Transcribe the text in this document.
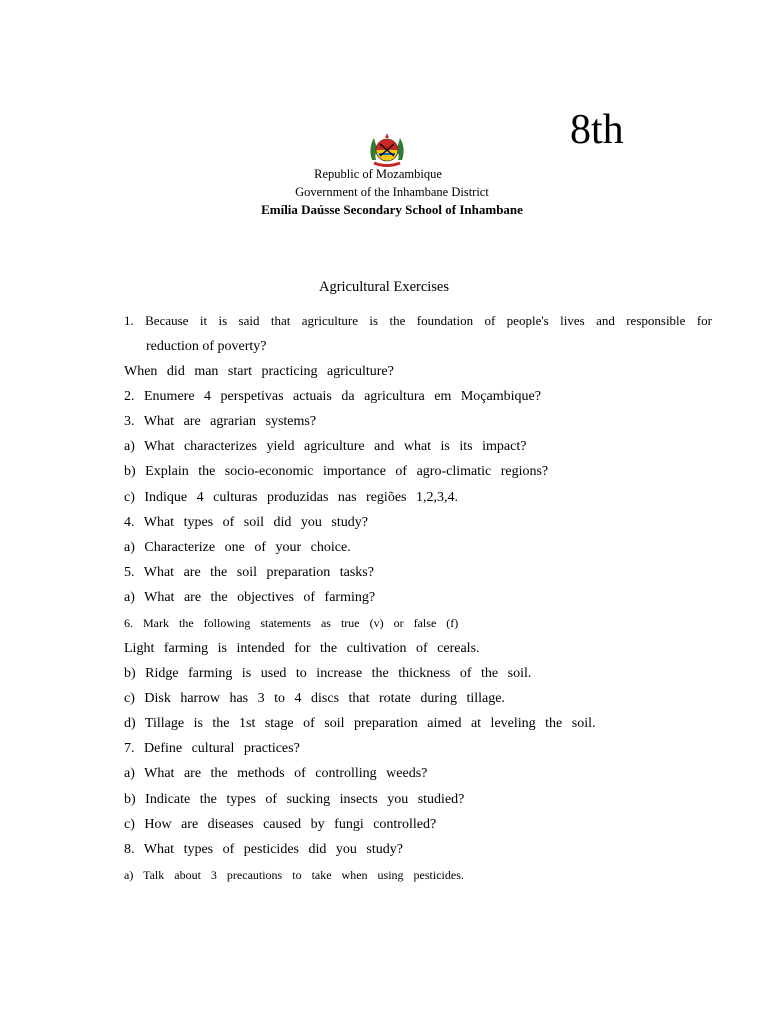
8th
Republic of Mozambique
Government of the Inhambane District
Emília Daússe Secondary School of Inhambane
Agricultural Exercises
1. Because it is said that agriculture is the foundation of people's lives and responsible for
reduction of poverty?
When did man start practicing agriculture?
2. Enumere 4 perspetivas actuais da agricultura em Moçambique?
3. What are agrarian systems?
a) What characterizes yield agriculture and what is its impact?
b) Explain the socio-economic importance of agro-climatic regions?
c) Indique 4 culturas produzidas nas regiões 1,2,3,4.
4. What types of soil did you study?
a) Characterize one of your choice.
5. What are the soil preparation tasks?
a) What are the objectives of farming?
6. Mark the following statements as true (v) or false (f)
Light farming is intended for the cultivation of cereals.
b) Ridge farming is used to increase the thickness of the soil.
c) Disk harrow has 3 to 4 discs that rotate during tillage.
d) Tillage is the 1st stage of soil preparation aimed at leveling the soil.
7. Define cultural practices?
a) What are the methods of controlling weeds?
b) Indicate the types of sucking insects you studied?
c) How are diseases caused by fungi controlled?
8. What types of pesticides did you study?
a) Talk about 3 precautions to take when using pesticides.
